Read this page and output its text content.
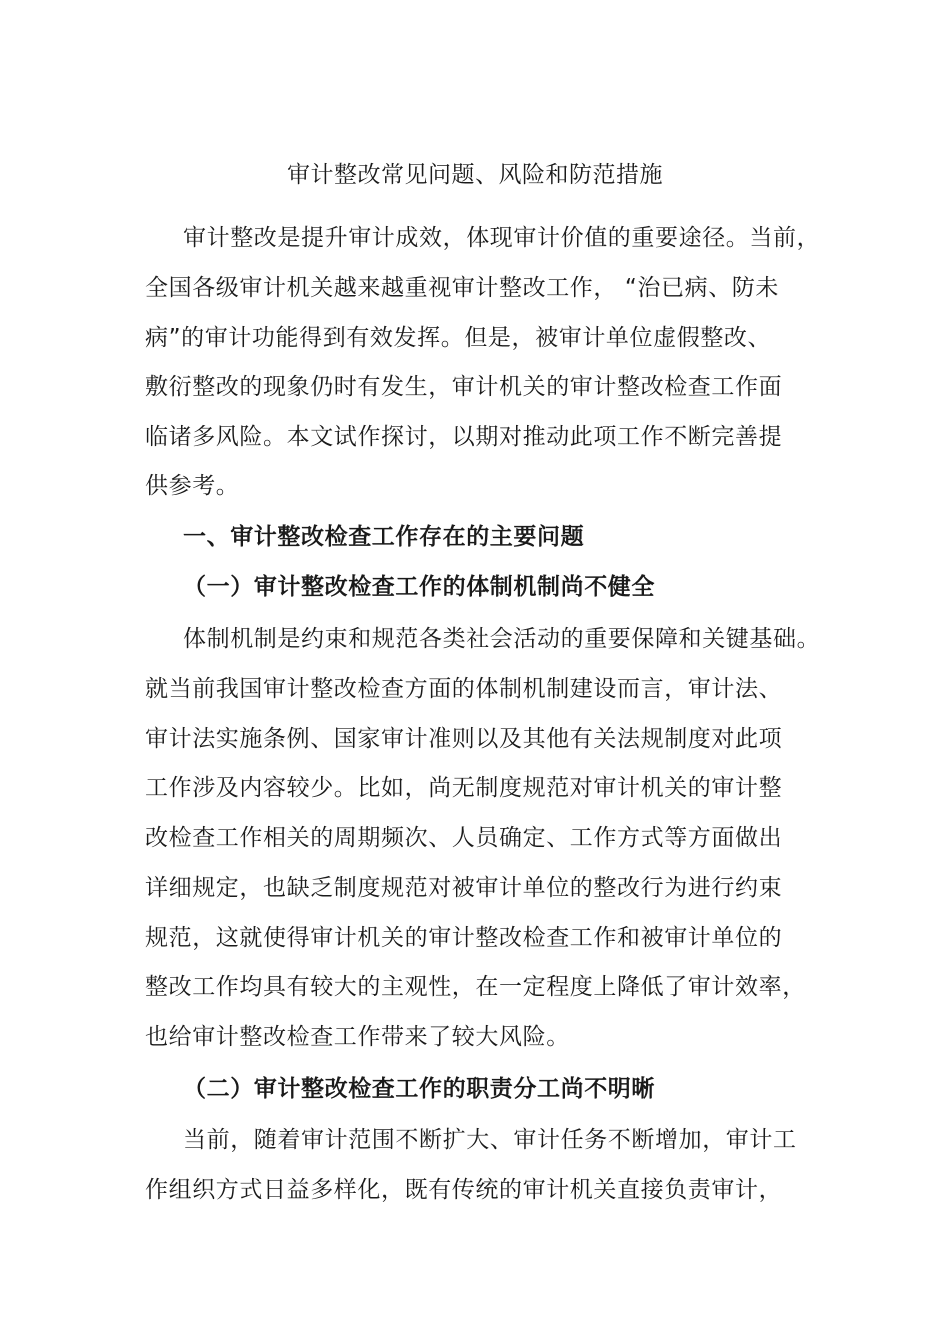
审计整改常见问题、风险和防范措施

审计整改是提升审计成效，体现审计价值的重要途径。当前，

全国各级审计机关越来越重视审计整改工作， “治已病、防未

病”的审计功能得到有效发挥。但是，被审计单位虚假整改、

敷衍整改的现象仍时有发生，审计机关的审计整改检查工作面

临诸多风险。本文试作探讨，以期对推动此项工作不断完善提

供参考。

一、审计整改检查工作存在的主要问题
（一）审计整改检查工作的体制机制尚不健全

体制机制是约束和规范各类社会活动的重要保障和关键基础。

就当前我国审计整改检查方面的体制机制建设而言，审计法、

审计法实施条例、国家审计准则以及其他有关法规制度对此项

工作涉及内容较少。比如，尚无制度规范对审计机关的审计整

改检查工作相关的周期频次、人员确定、工作方式等方面做出

详细规定，也缺乏制度规范对被审计单位的整改行为进行约束

规范，这就使得审计机关的审计整改检查工作和被审计单位的

整改工作均具有较大的主观性，在一定程度上降低了审计效率，

也给审计整改检查工作带来了较大风险。

（二）审计整改检查工作的职责分工尚不明晰

当前，随着审计范围不断扩大、审计任务不断增加，审计工

作组织方式日益多样化，既有传统的审计机关直接负责审计，
